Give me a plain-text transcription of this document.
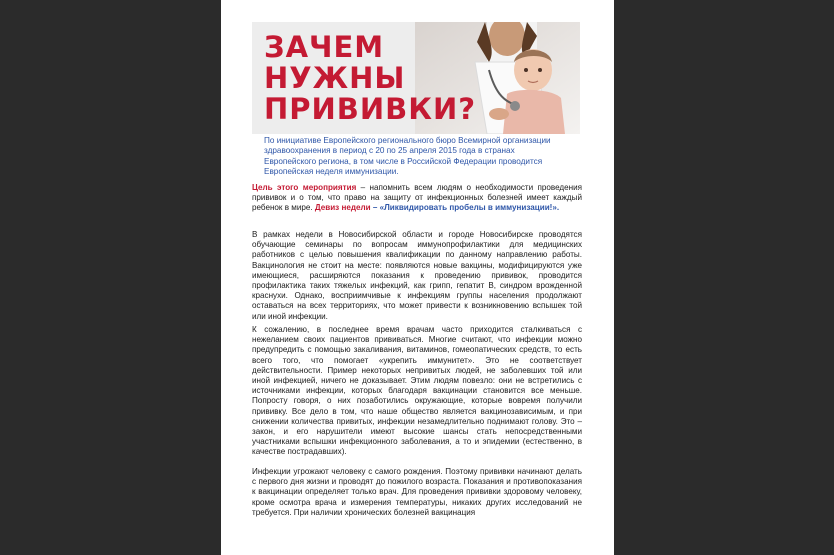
ЗАЧЕМ
НУЖНЫ
ПРИВИВКИ?

По инициативе Европейского регионального бюро Всемирной организации здравоохранения в период с 20 по 25 апреля 2015 года в странах Европейского региона, в том числе в Российской Федерации проводится Европейская неделя иммунизации.

Цель этого мероприятия – напомнить всем людям о необходимости проведения прививок и о том, что право на защиту от инфекционных болезней имеет каждый ребенок в мире. Девиз недели – «Ликвидировать пробелы в иммунизации!».

В рамках недели в Новосибирской области и городе Новосибирске проводятся обучающие семинары по вопросам иммунопрофилактики для медицинских работников с целью повышения квалификации по данному направлению работы. Вакцинология не стоит на месте: появляются новые вакцины, модифицируются уже имеющиеся, расширяются показания к проведению прививок, проводится профилактика таких тяжелых инфекций, как грипп, гепатит В, синдром врожденной краснухи. Однако, восприимчивые к инфекциям группы населения продолжают оставаться на всех территориях, что может привести к возникновению вспышек той или иной инфекции.

К сожалению, в последнее время врачам часто приходится сталкиваться с нежеланием своих пациентов прививаться. Многие считают, что инфекции можно предупредить с помощью закаливания, витаминов, гомеопатических средств, то есть всего того, что помогает «укрепить иммунитет». Это не соответствует действительности. Пример некоторых непривитых людей, не заболевших той или иной инфекцией, ничего не доказывает. Этим людям повезло: они не встретились с источниками инфекции, которых благодаря вакцинации становится все меньше. Попросту говоря, о них позаботились окружающие, которые вовремя получили прививку. Все дело в том, что наше общество является вакцинозависимым, и при снижении количества привитых, инфекции незамедлительно поднимают голову. Это – закон, и его нарушители имеют высокие шансы стать непосредственными участниками вспышки инфекционного заболевания, а то и эпидемии (естественно, в качестве пострадавших).

Инфекции угрожают человеку с самого рождения. Поэтому прививки начинают делать с первого дня жизни и проводят до пожилого возраста. Показания и противопоказания к вакцинации определяет только врач. Для проведения прививки здоровому человеку, кроме осмотра врача и измерения температуры, никаких других исследований не требуется. При наличии хронических болезней вакцинация
